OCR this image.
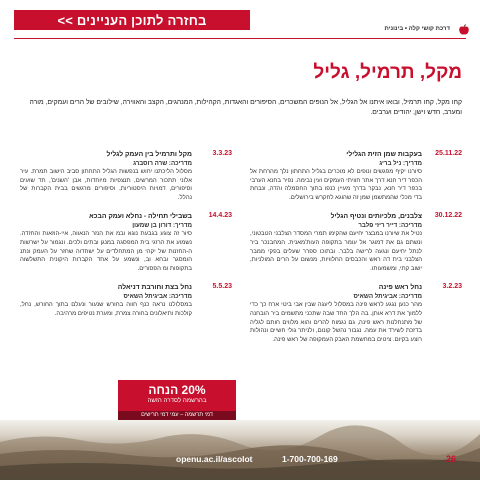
בחזרה לתוכן העניינים >>
דרכת קושי קלה • בינונית
מקל, תרמיל, גליל
קחו מקל, קחו תרמיל, ובואו איתנו אל הגליל, אל הנופים המשכרים, הסיפורים והאגדות, הקהילות, המנהגים, הקצב והאווירה, שילובים של הרים ועמקים, מורה ומערב, חדש וישן, יהודים וערבים.
25.11.22
בעקבות שמן הזית הגלילי
מדריך: ניל בריג
סיורנו יקיף מפגשים ונופים לא מוכרים בגליל התחתון נלך מהרחת אל הכפר דיר חנא דרך אתר חוויתי העמקים ועין נבימה. נפיר בחנא הערבי בכפר דיר חנא, נבקר בדרך מעיין כנפו בתוך החסמלה והדה, ונבחת בדי מכלי שהמתשמן שמן זה שהוגא לחקרש בירושלים.
30.12.22
צלבנים, מלכיותים ונטיף הגליל
מדריכה: דייר ריזי פלבר
נטיל את שיורנו במבצר יחיעם שהקימו תמרי המסדר הצלבני הטבטוני, ונשתם גם את דמוגר אל עומר בתקופה העות'מאנית. המחבנכר ביר לנתל יחיעם ונגעה לרישה בלבר. ובתוכו ספרר שעלים בפקי ממבר הצלבני בית דה ראש והכבסים החלוויות, מנשום על הרים המולניות, ישוב קתי, ומשמעותו.
3.2.23
נחל ראש פינה
מדריכה: אביגיתל השאיס
מהר כנען נגגע לראש פינה במסלול ליעגה שבין אבי ביטי ארח כך כדי ללמוך את דרא אותן. בה הלך החד שבה שתכני מתשמים ביר הובחנה של מתנחלנות ראש פינה, גם נגמוח להרים והוא מלווים חותם לגליה בדזכת לשירד את עמה. נגבור נהשל קונום, ולניתר גולי חשיים ונהולות רוצע בקיום. ציטים במחשמת האבק העמקופה של ראש פינה.
3.3.23
מקל ותרמיל בין העמק לגליל
מדריכה: שרה רוסברג
מסלול הליכתנו יחוש בנפשות הגליל התחתון סביב הישוב תמרת. עיר אלוני תתכור המרשים, תנצפיות מיוחדות, אבן 'השנים', חד שועים וסיפורים, דמויות היסטוריות, וסיפורים מרגשים בבית הקברות של נהלל.
14.4.23
בשבילי תחילה - נחלא ועמק הבכא
מדריך: דורון בן שמעון
סיור זה צוגע בגבעת נוגא ובמ את הנזר הנאווה, איי-הוזאות והחזדה. נשמוע את הרזגי בית המפסגה במנגן ובתים ולכים. ונגמור על ישרשות ה-החזנות של יקהי מן המתחלדים על ישחדוה שחזר על העמק ונתנ הומסגר ובחא וב, ונשמע על אחד הקברות היקונית התשלשוה בתקופות ומ הפסורים.
5.5.23
נחל בצת וחורבת דניאלה
מדריכה: אביגיתל השאיס
במסלולנו נראה כנף חווה בחורש שנעור ונעלם בתוך החורש, נחל, קולכות ותיאלונים בחורה צמרת, ומערת נטיפים מרהיבה.
20% הנחה
בהרשמה לסדרה הזשה
דמי תרשמה – עמי דמי תרישים
openu.ac.il/ascolot	1-700-700-169	26
